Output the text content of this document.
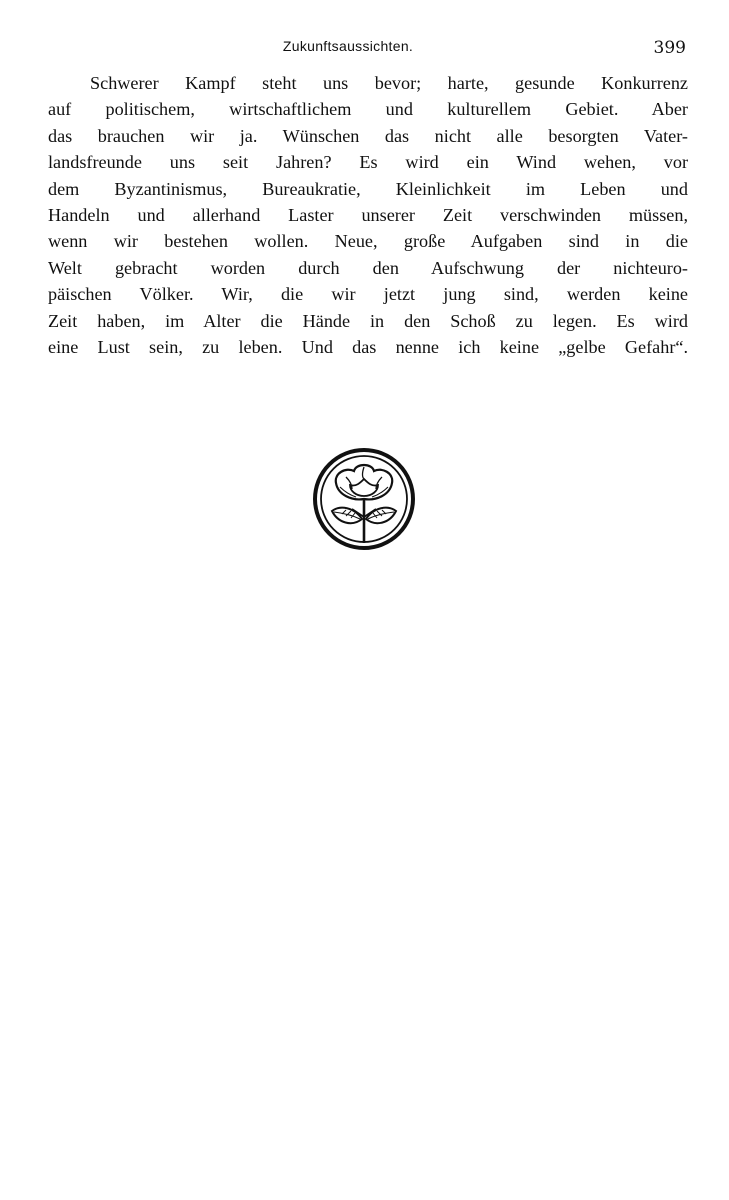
Zukunftsaussichten.	399
Schwerer Kampf steht uns bevor; harte, gesunde Konkurrenz
auf politischem, wirtschaftlichem und kulturellem Gebiet. Aber
das brauchen wir ja. Wünschen das nicht alle besorgten Vater-
landsfreunde uns seit Jahren? Es wird ein Wind wehen, vor
dem Byzantinismus, Bureaukratie, Kleinlichkeit im Leben und
Handeln und allerhand Laster unserer Zeit verschwinden müssen,
wenn wir bestehen wollen. Neue, große Aufgaben sind in die
Welt gebracht worden durch den Aufschwung der nichteuro-
päischen Völker. Wir, die wir jetzt jung sind, werden keine
Zeit haben, im Alter die Hände in den Schoß zu legen. Es wird
eine Lust sein, zu leben. Und das nenne ich keine „gelbe Gefahr“.
